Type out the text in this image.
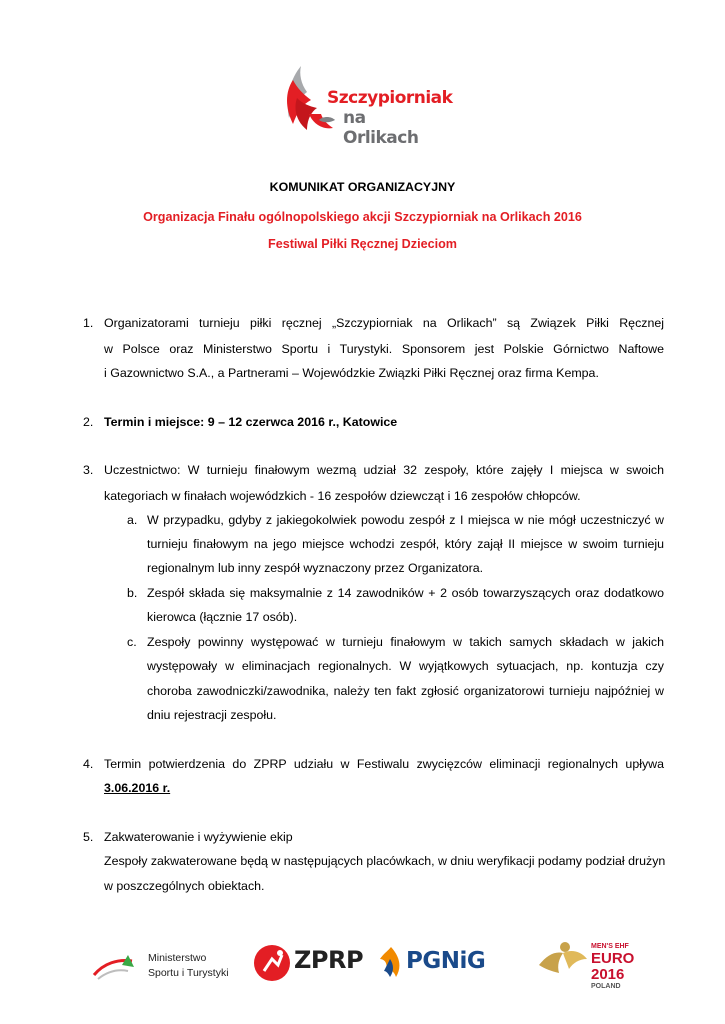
Szczypiorniak
na Orlikach
KOMUNIKAT ORGANIZACYJNY
Organizacja Finału ogólnopolskiego akcji Szczypiorniak na Orlikach 2016
Festiwal Piłki Ręcznej Dzieciom
1. Organizatorami turnieju piłki ręcznej „Szczypiorniak na Orlikach” są Związek Piłki Ręcznej
w Polsce oraz Ministerstwo Sportu i Turystyki. Sponsorem jest Polskie Górnictwo Naftowe
i Gazownictwo S.A., a Partnerami – Wojewódzkie Związki Piłki Ręcznej oraz firma Kempa.
2. Termin i miejsce: 9 – 12 czerwca 2016 r., Katowice
3. Uczestnictwo: W turnieju finałowym wezmą udział 32 zespoły, które zajęły I miejsca w swoich
kategoriach w finałach wojewódzkich - 16 zespołów dziewcząt i 16 zespołów chłopców.
a. W przypadku, gdyby z jakiegokolwiek powodu zespół z I miejsca w nie mógł uczestniczyć w
turnieju finałowym na jego miejsce wchodzi zespół, który zajął II miejsce w swoim turnieju
regionalnym lub inny zespół wyznaczony przez Organizatora.
b. Zespół składa się maksymalnie z 14 zawodników + 2 osób towarzyszących oraz dodatkowo
kierowca (łącznie 17 osób).
c. Zespoły powinny występować w turnieju finałowym w takich samych składach w jakich
występowały w eliminacjach regionalnych. W wyjątkowych sytuacjach, np. kontuzja czy
choroba zawodniczki/zawodnika, należy ten fakt zgłosić organizatorowi turnieju najpóźniej w
dniu rejestracji zespołu.
4. Termin potwierdzenia do ZPRP udziału w Festiwalu zwycięzców eliminacji regionalnych upływa
3.06.2016 r.
5. Zakwaterowanie i wyżywienie ekip
Zespoły zakwaterowane będą w następujących placówkach, w dniu weryfikacji podamy podział drużyn
w poszczególnych obiektach.
Ministerstwo
Sportu i Turystyki	ZPRP PGNiG
MEN'S EHF
EURO
2016
POLAND
